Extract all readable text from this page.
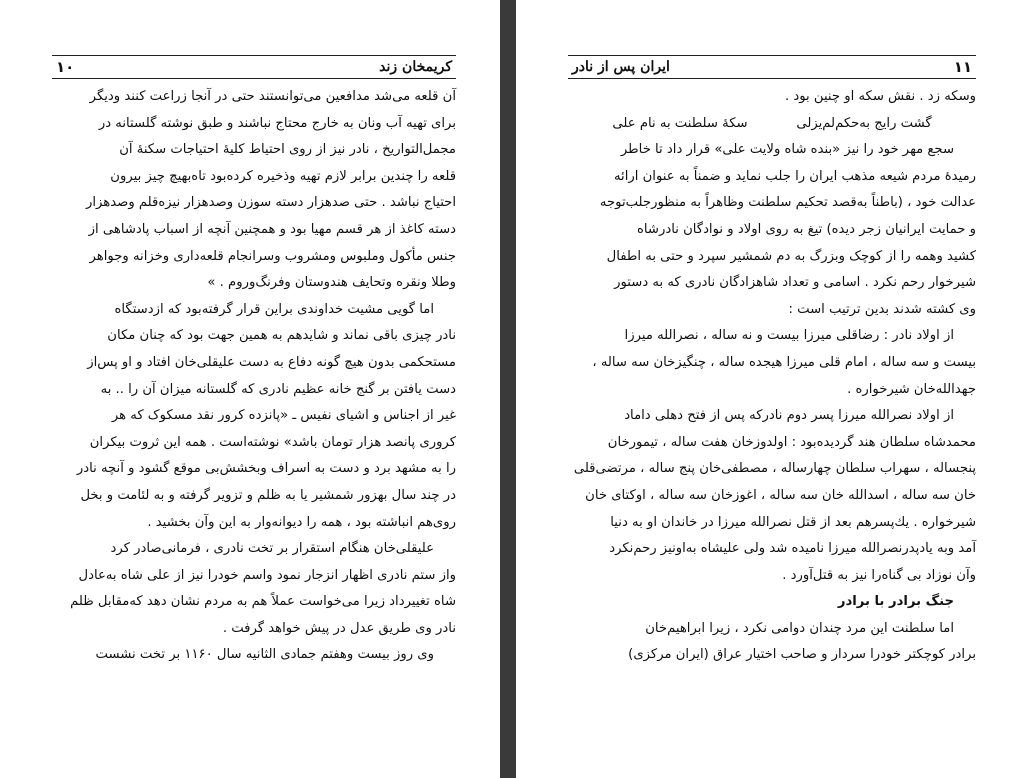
کریمخان زند
۱۰
آن قلعه می‌شد مدافعین می‌توانستند حتی در آنجا زراعت کنند ودیگر
برای تهیه آب ونان به خارج محتاج نباشند و طبق نوشته گلستانه در
مجمل‌التواریخ ، نادر نیز از روی احتیاط کلیهٔ احتیاجات سکنهٔ آن
قلعه را چندین برابر لازم تهیه وذخیره کرده‌بود تاه‌بهیچ چیز بیرون
احتیاج نباشد . حتی صدهزار دسته سوزن وصدهزار نیزه‌قلم وصدهزار
دسته کاغذ از هر قسم مهیا بود و همچنین آنچه از اسباب پادشاهی از
جنس مأکول وملبوس ومشروب وسرانجام قلعه‌داری وخزانه وجواهر
وطلا ونقره وتحایف هندوستان وفرنگ‌وروم . »
اما گویی مشیت خداوندی براین قرار گرفته‌بود که ازدستگاه
نادر چیزی باقی نماند و شایدهم به همین جهت بود که چنان مکان
مستحکمی بدون هیچ گونه دفاع به دست علیقلی‌خان افتاد و او پس‌از
دست یافتن بر گنج خانه عظیم نادری که گلستانه میزان آن را .. به
غیر از اجناس و اشیای نفیس ـ «پانزده کرور نقد مسکوک که هر
کروری پانصد هزار تومان باشد» نوشته‌است . همه این ثروت بیکران
را به مشهد برد و دست به اسراف وبخشش‌بی موقع گشود و آنچه نادر
در چند سال بهزور شمشیر یا به ظلم و تزویر گرفته و به لئامت و بخل
روی‌هم انباشته بود ، همه را دیوانه‌وار به این وآن بخشید .
علیقلی‌خان هنگام استقرار بر تخت نادری ، فرمانی‌صادر کرد
واز ستم نادری اظهار انزجار نمود واسم خودرا نیز از علی شاه به‌عادل
شاه تغییرداد زیرا می‌خواست عملاً هم به مردم نشان دهد که‌مقابل ظلم
نادر وی طریق عدل در پیش خواهد گرفت .
وی روز بیست وهفتم جمادی الثانیه سال ۱۱۶۰ بر تخت نشست
۱۱
ایران پس از نادر
وسکه زد . نقش سکه او چنین بود .
گشت رایج به‌حکم‌لم‌یزلی
سکهٔ سلطنت به نام علی
سجع مهر خود را نیز «بنده شاه ولایت علی» قرار داد تا خاطر
رمیدهٔ مردم شیعه مذهب ایران را جلب نماید و ضمناً به عنوان ارائه
عدالت خود ، (باطناً به‌قصد تحکیم سلطنت وظاهراً به منظورجلب‌توجه
و حمایت ایرانیان زجر دیده) تیغ به روی اولاد و نوادگان نادرشاه
کشید وهمه را از کوچک وبزرگ به دم شمشیر سپرد و حتی به اطفال
شیرخوار رحم نکرد . اسامی و تعداد شاهزادگان نادری که به دستور
وی کشته شدند بدین ترتیب است :
از اولاد نادر : رضاقلی میرزا بیست و نه ساله ، نصرالله میرزا
بیست و سه ساله ، امام قلی میرزا هیجده ساله ، چنگیزخان سه ساله ،
جهدالله‌خان شیرخواره .
از اولاد نصرالله میرزا پسر دوم نادرکه پس از فتح دهلی داماد
محمدشاه سلطان هند گردیده‌بود : اولدوزخان هفت ساله ، تیمورخان
پنجساله ، سهراب سلطان چهارساله ، مصطفی‌خان پنج ساله ، مرتضی‌قلی
خان سه ساله ، اسدالله خان سه ساله ، اغوزخان سه ساله ، اوکتای خان
شیرخواره . یك‌پسرهم بعد از قتل نصرالله میرزا در خاندان او به دنیا
آمد وبه یادپدرنصرالله میرزا نامیده شد ولی علیشاه به‌اونیز رحم‌نکرد
وآن نوزاد بی گناه‌را نیز به قتل‌آورد .
جنگ برادر با برادر
اما سلطنت این مرد چندان دوامی نکرد ، زیرا ابراهیم‌خان
برادر کوچکتر خودرا سردار و صاحب اختیار عراق (ایران مرکزی)
